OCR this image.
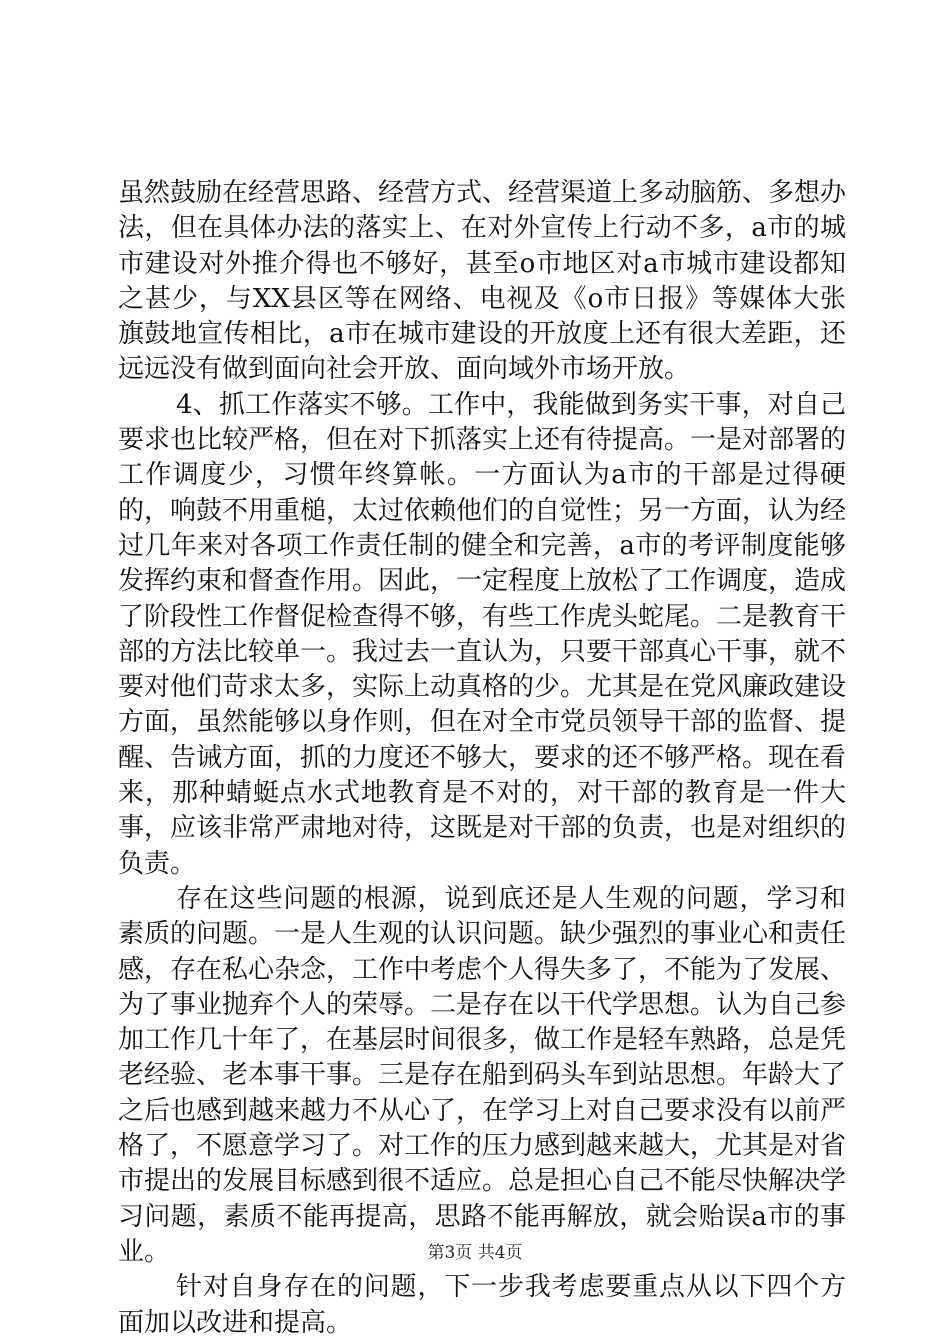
虽然鼓励在经营思路、经营方式、经营渠道上多动脑筋、多想办法，但在具体办法的落实上、在对外宣传上行动不多，a市的城市建设对外推介得也不够好，甚至o市地区对a市城市建设都知之甚少，与XX县区等在网络、电视及《o市日报》等媒体大张旗鼓地宣传相比，a市在城市建设的开放度上还有很大差距，还远远没有做到面向社会开放、面向域外市场开放。

4、抓工作落实不够。工作中，我能做到务实干事，对自己要求也比较严格，但在对下抓落实上还有待提高。一是对部署的工作调度少，习惯年终算帐。一方面认为a市的干部是过得硬的，响鼓不用重槌，太过依赖他们的自觉性；另一方面，认为经过几年来对各项工作责任制的健全和完善，a市的考评制度能够发挥约束和督查作用。因此，一定程度上放松了工作调度，造成了阶段性工作督促检查得不够，有些工作虎头蛇尾。二是教育干部的方法比较单一。我过去一直认为，只要干部真心干事，就不要对他们苛求太多，实际上动真格的少。尤其是在党风廉政建设方面，虽然能够以身作则，但在对全市党员领导干部的监督、提醒、告诫方面，抓的力度还不够大，要求的还不够严格。现在看来，那种蜻蜓点水式地教育是不对的，对干部的教育是一件大事，应该非常严肃地对待，这既是对干部的负责，也是对组织的负责。

存在这些问题的根源，说到底还是人生观的问题，学习和素质的问题。一是人生观的认识问题。缺少强烈的事业心和责任感，存在私心杂念，工作中考虑个人得失多了，不能为了发展、为了事业抛弃个人的荣辱。二是存在以干代学思想。认为自己参加工作几十年了，在基层时间很多，做工作是轻车熟路，总是凭老经验、老本事干事。三是存在船到码头车到站思想。年龄大了之后也感到越来越力不从心了，在学习上对自己要求没有以前严格了，不愿意学习了。对工作的压力感到越来越大，尤其是对省市提出的发展目标感到很不适应。总是担心自己不能尽快解决学习问题，素质不能再提高，思路不能再解放，就会贻误a市的事业。

针对自身存在的问题，下一步我考虑要重点从以下四个方面加以改进和提高。

第3页 共4页
